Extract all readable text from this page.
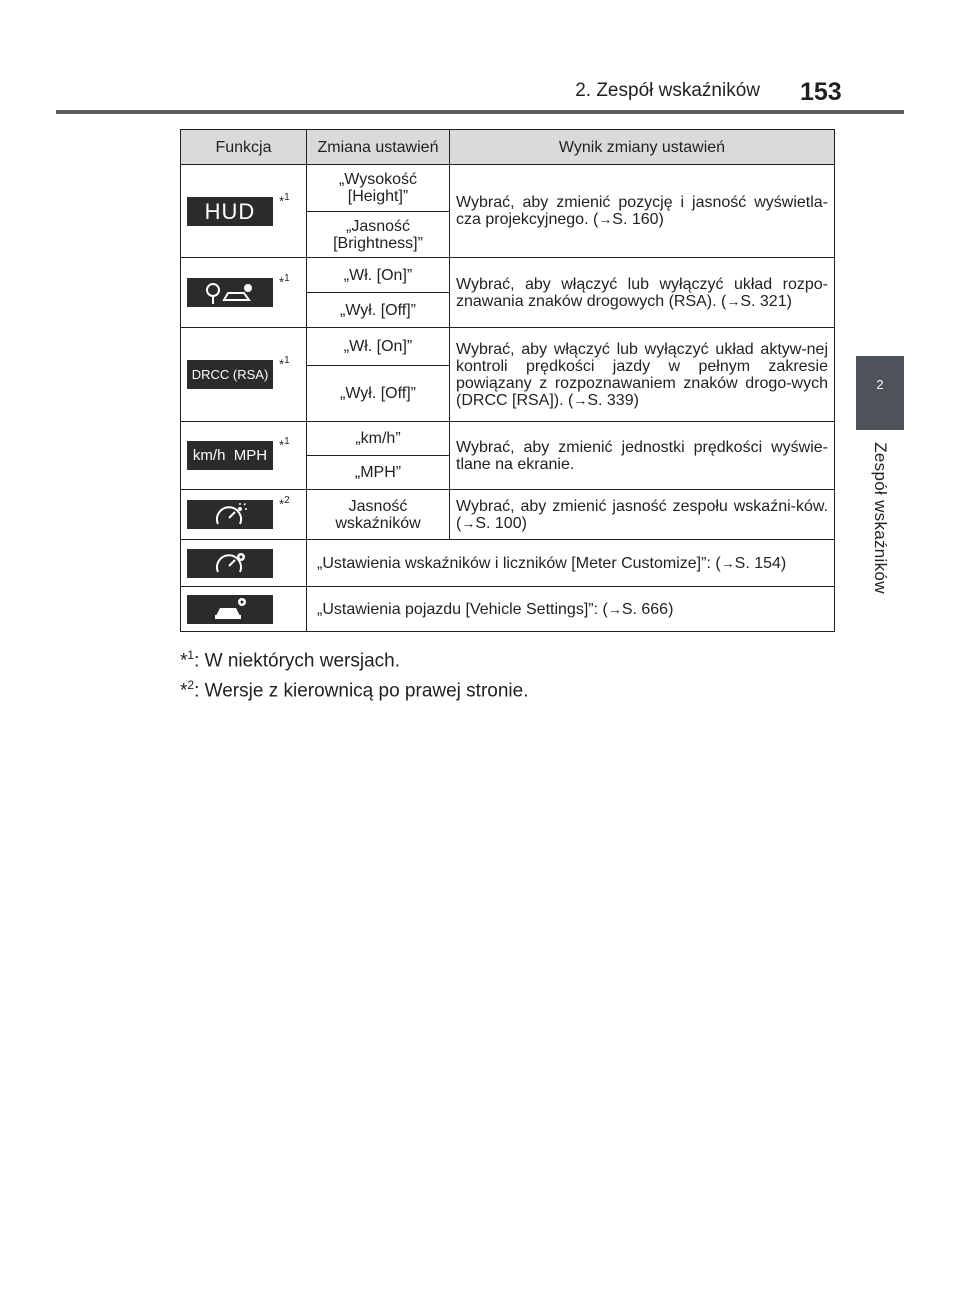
2. Zespół wskaźników 153
2
Zespół wskaźników
Funkcja	Zmiana ustawień	Wynik zmiany ustawień

HUD *$^1$	„Wysokość [Height]”	Wybrać, aby zmienić pozycję i jasność wyświetla-cza projekcyjnego. (→S. 160)
	„Jasność [Brightness]”	

*$^1$	„Wł. [On]”	Wybrać, aby włączyć lub wyłączyć układ rozpo-znawania znaków drogowych (RSA). (→S. 321)
	„Wył. [Off]”	

DRCC (RSA)
*$^1$	„Wł. [On]”	Wybrać, aby włączyć lub wyłączyć układ aktyw-nej kontroli prędkości jazdy w pełnym zakresie powiązany z rozpoznawaniem znaków drogo-wych (DRCC [RSA]). (→S. 339)
	„Wył. [Off]”	

km/h  MPH
*$^1$	„km/h”	Wybrać, aby zmienić jednostki prędkości wyświe-tlane na ekranie.
	„MPH”	

*$^2$	Jasność wskaźników	Wybrać, aby zmienić jasność zespołu wskaźni-ków. (→S. 100)

	„Ustawienia wskaźników i liczników [Meter Customize]”: (→S. 154)	

	„Ustawienia pojazdu [Vehicle Settings]”: (→S. 666)	
*$^1$: W niektórych wersjach.
*$^2$: Wersje z kierownicą po prawej stronie.
